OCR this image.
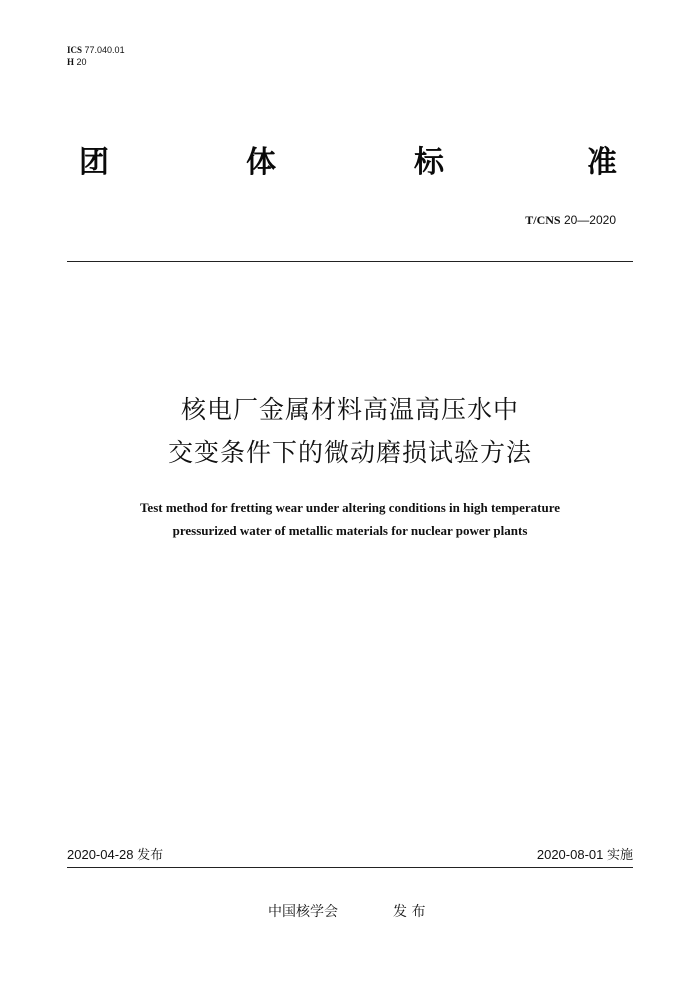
ICS 77.040.01
H 20
团	体	标	准
T/CNS 20—2020
核电厂金属材料高温高压水中
交变条件下的微动磨损试验方法
Test method for fretting wear under altering conditions in high temperature
pressurized water of metallic materials for nuclear power plants
2020-04-28 发布	2020-08-01 实施
中国核学会	发 布
